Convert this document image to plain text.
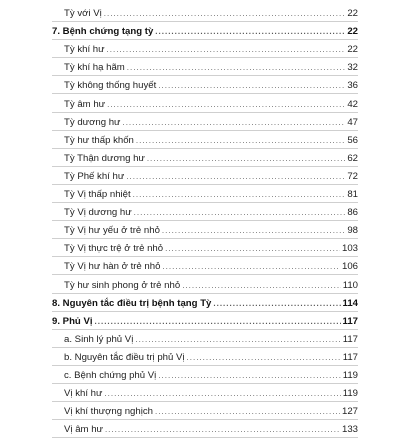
Tỳ với Vị .....	22
7. Bệnh chứng tạng tỳ .....	22
Tỳ khí hư .....	22
Tỳ khí hạ hãm .....	32
Tỳ không thống huyết .....	36
Tỳ âm hư .....	42
Tỳ dương hư .....	47
Tỳ hư thấp khốn .....	56
Tỳ Thận dương hư .....	62
Tỳ Phế khí hư .....	72
Tỳ Vị thấp nhiệt .....	81
Tỳ Vị dương hư .....	86
Tỳ Vị hư yếu ở trẻ nhỏ .....	98
Tỳ Vị thực trệ ở trẻ nhỏ .....	103
Tỳ Vị hư hàn ở trẻ nhỏ .....	106
Tỳ hư sinh phong ở trẻ nhỏ .....	110
8. Nguyên tắc điều trị bệnh tạng Tỳ .....	114
9. Phủ Vị .....	117
a. Sinh lý phủ Vị .....	117
b. Nguyên tắc điều trị phủ Vị .....	117
c. Bệnh chứng phủ Vị .....	119
Vị khí hư .....	119
Vị khí thượng nghịch .....	127
Vị âm hư .....	133
